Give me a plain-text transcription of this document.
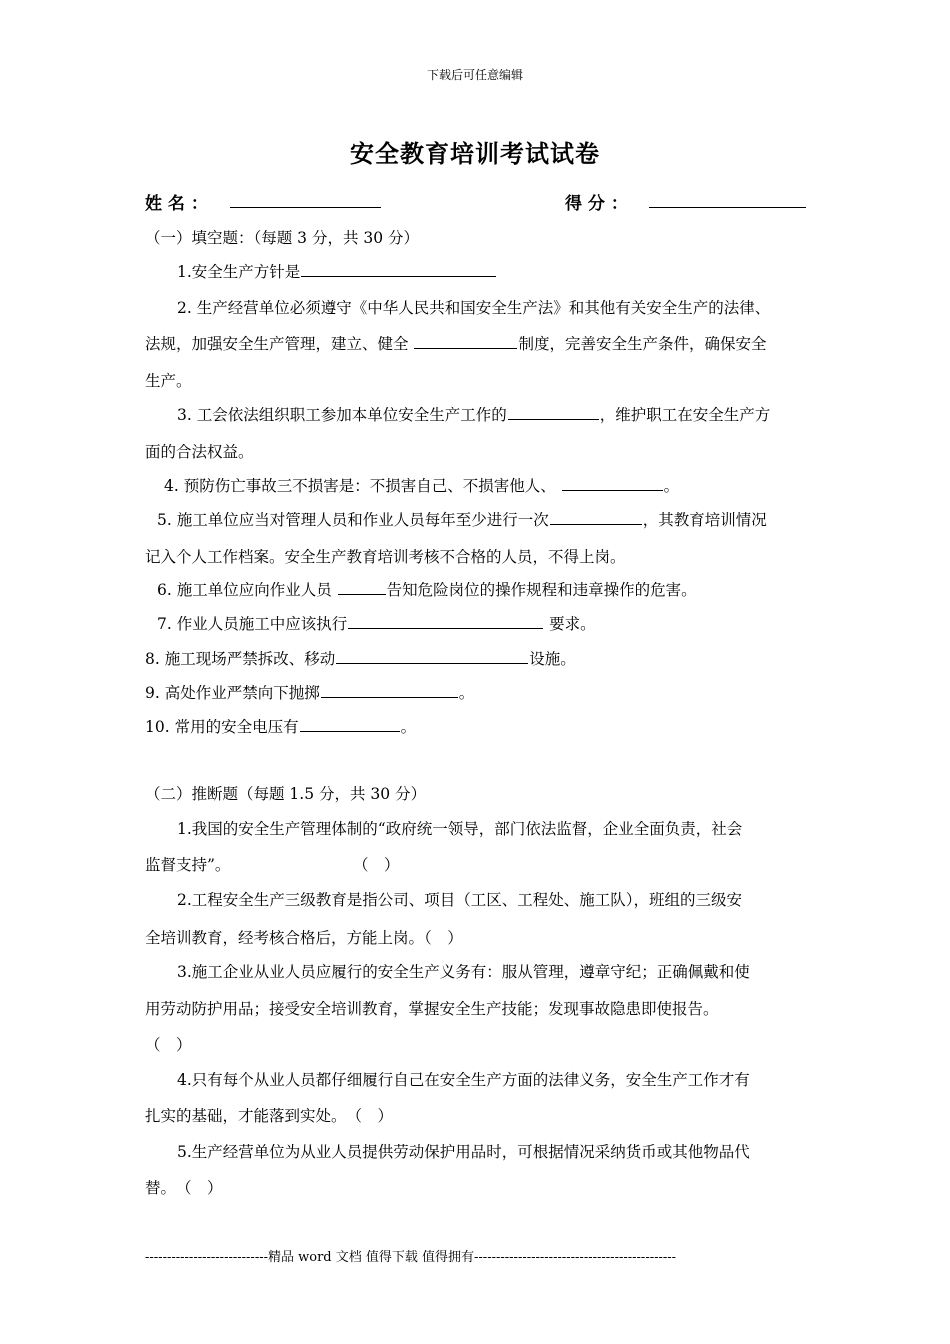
下载后可任意编辑
安全教育培训考试试卷
姓 名 ：	得 分 ：
（一）填空题：（每题 3 分，共 30 分）
1.安全生产方针是
2. 生产经营单位必须遵守《中华人民共和国安全生产法》和其他有关安全生产的法律、
法规，加强安全生产管理，建立、健全	制度，完善安全生产条件，确保安全
生产。
3. 工会依法组织职工参加本单位安全生产工作的	，维护职工在安全生产方
面的合法权益。
4. 预防伤亡事故三不损害是：不损害自己、不损害他人、	。
5. 施工单位应当对管理人员和作业人员每年至少进行一次	，其教育培训情况
记入个人工作档案。安全生产教育培训考核不合格的人员，不得上岗。
6. 施工单位应向作业人员	告知危险岗位的操作规程和违章操作的危害。
7. 作业人员施工中应该执行	要求。
8. 施工现场严禁拆改、移动	设施。
9. 高处作业严禁向下抛掷	。
10. 常用的安全电压有	。
（二）推断题（每题 1.5 分，共 30 分）
1.我国的安全生产管理体制的“政府统一领导，部门依法监督，企业全面负责，社会
监督支持”。	（　）
2.工程安全生产三级教育是指公司、项目（工区、工程处、施工队），班组的三级安
全培训教育，经考核合格后，方能上岗。（　）
3.施工企业从业人员应履行的安全生产义务有：服从管理，遵章守纪；正确佩戴和使
用劳动防护用品；接受安全培训教育，掌握安全生产技能；发现事故隐患即使报告。
（　）
4.只有每个从业人员都仔细履行自己在安全生产方面的法律义务，安全生产工作才有
扎实的基础，才能落到实处。　（　）
5.生产经营单位为从业人员提供劳动保护用品时，可根据情况采纳货币或其他物品代
替。　（　）
----------------------------精品 word 文档 值得下载 值得拥有----------------------------------------------
